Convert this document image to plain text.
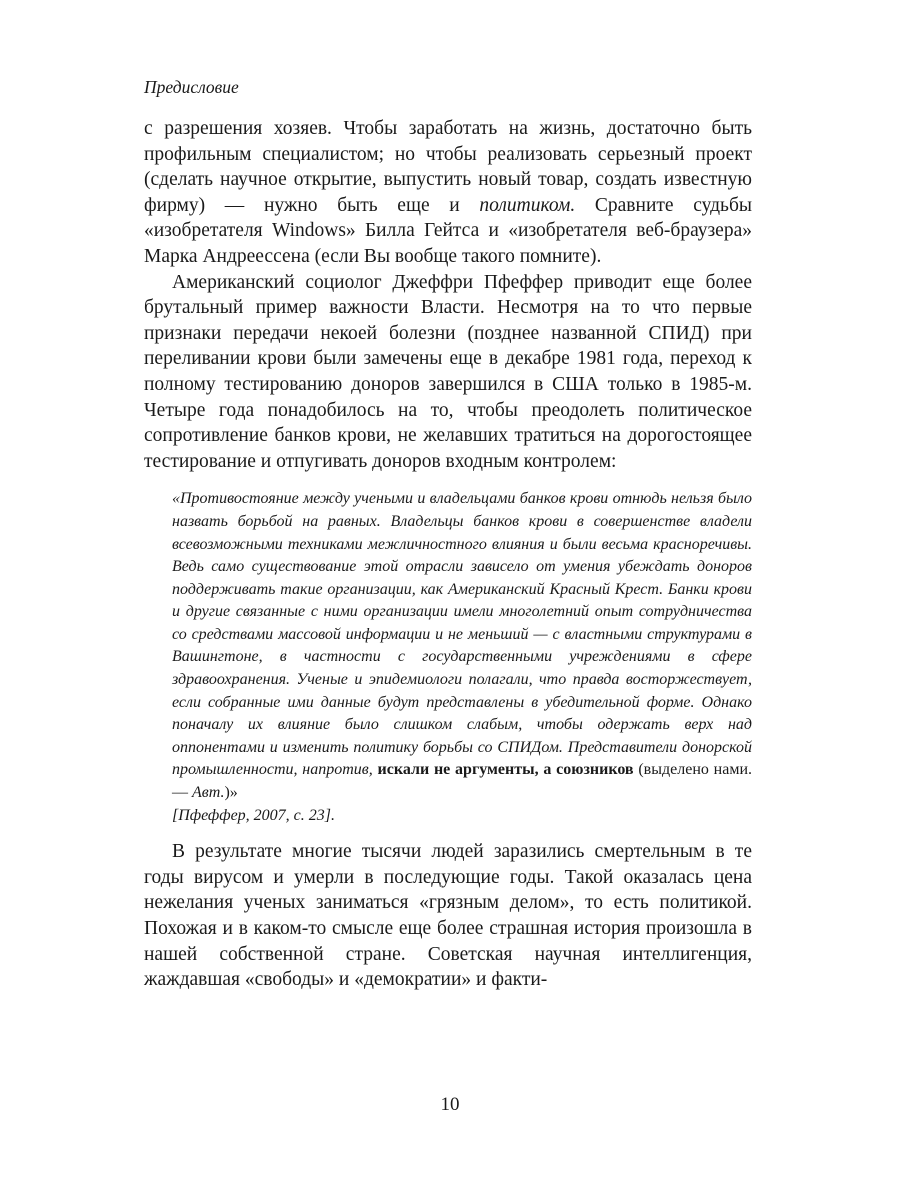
Предисловие

с разрешения хозяев. Чтобы заработать на жизнь, достаточно быть профильным специалистом; но чтобы реализовать серьезный проект (сделать научное открытие, выпустить новый товар, создать известную фирму) — нужно быть еще и политиком. Сравните судьбы «изобретателя Windows» Билла Гейтса и «изобретателя веб-браузера» Марка Андреессена (если Вы вообще такого помните).

Американский социолог Джеффри Пфеффер приводит еще более брутальный пример важности Власти. Несмотря на то что первые признаки передачи некоей болезни (позднее названной СПИД) при переливании крови были замечены еще в декабре 1981 года, переход к полному тестированию доноров завершился в США только в 1985-м. Четыре года понадобилось на то, чтобы преодолеть политическое сопротивление банков крови, не желавших тратиться на дорогостоящее тестирование и отпугивать доноров входным контролем:

«Противостояние между учеными и владельцами банков крови отнюдь нельзя было назвать борьбой на равных. Владельцы банков крови в совершенстве владели всевозможными техниками межличностного влияния и были весьма красноречивы. Ведь само существование этой отрасли зависело от умения убеждать доноров поддерживать такие организации, как Американский Красный Крест. Банки крови и другие связанные с ними организации имели многолетний опыт сотрудничества со средствами массовой информации и не меньший — с властными структурами в Вашингтоне, в частности с государственными учреждениями в сфере здравоохранения. Ученые и эпидемиологи полагали, что правда восторжествует, если собранные ими данные будут представлены в убедительной форме. Однако поначалу их влияние было слишком слабым, чтобы одержать верх над оппонентами и изменить политику борьбы со СПИДом. Представители донорской промышленности, напротив, искали не аргументы, а союзников (выделено нами. — Авт.)»
[Пфеффер, 2007, с. 23].

В результате многие тысячи людей заразились смертельным в те годы вирусом и умерли в последующие годы. Такой оказалась цена нежелания ученых заниматься «грязным делом», то есть политикой. Похожая и в каком-то смысле еще более страшная история произошла в нашей собственной стране. Советская научная интеллигенция, жаждавшая «свободы» и «демократии» и факти-

10
